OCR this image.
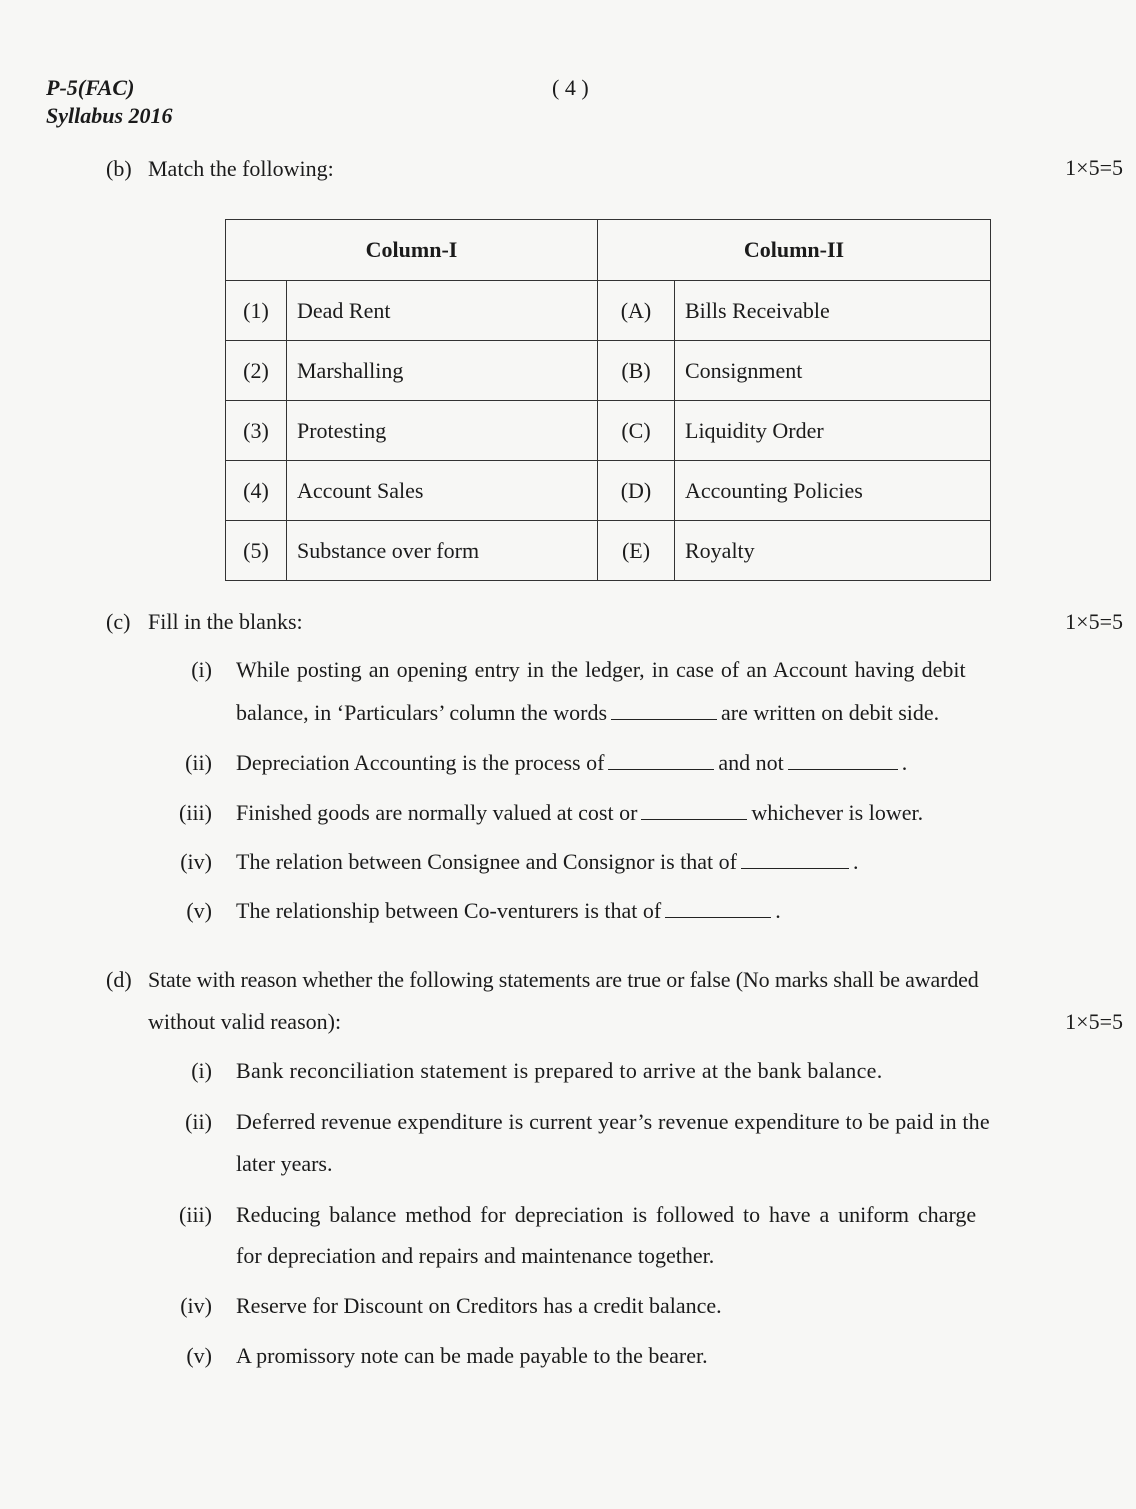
P-5(FAC)
Syllabus 2016
( 4 )
(b) Match the following:	1×5=5
Column-I		Column-II	
(1)	Dead Rent	(A)	Bills Receivable
(2)	Marshalling	(B)	Consignment
(3)	Protesting	(C)	Liquidity Order
(4)	Account Sales	(D)	Accounting Policies
(5)	Substance over form	(E)	Royalty
(c) Fill in the blanks:	1×5=5
(i) While posting an opening entry in the ledger, in case of an Account having debit
balance, in ‘Particulars’ column the words	are written on debit side.
(ii) Depreciation Accounting is the process of	and not	.
(iii) Finished goods are normally valued at cost or	whichever is lower.
(iv) The relation between Consignee and Consignor is that of	.
(v) The relationship between Co-venturers is that of	.
(d) State with reason whether the following statements are true or false (No marks shall be awarded
without valid reason):	1×5=5
(i) Bank reconciliation statement is prepared to arrive at the bank balance.
(ii) Deferred revenue expenditure is current year’s revenue expenditure to be paid in the
later years.
(iii) Reducing balance method for depreciation is followed to have a uniform charge
for depreciation and repairs and maintenance together.
(iv) Reserve for Discount on Creditors has a credit balance.
(v) A promissory note can be made payable to the bearer.
